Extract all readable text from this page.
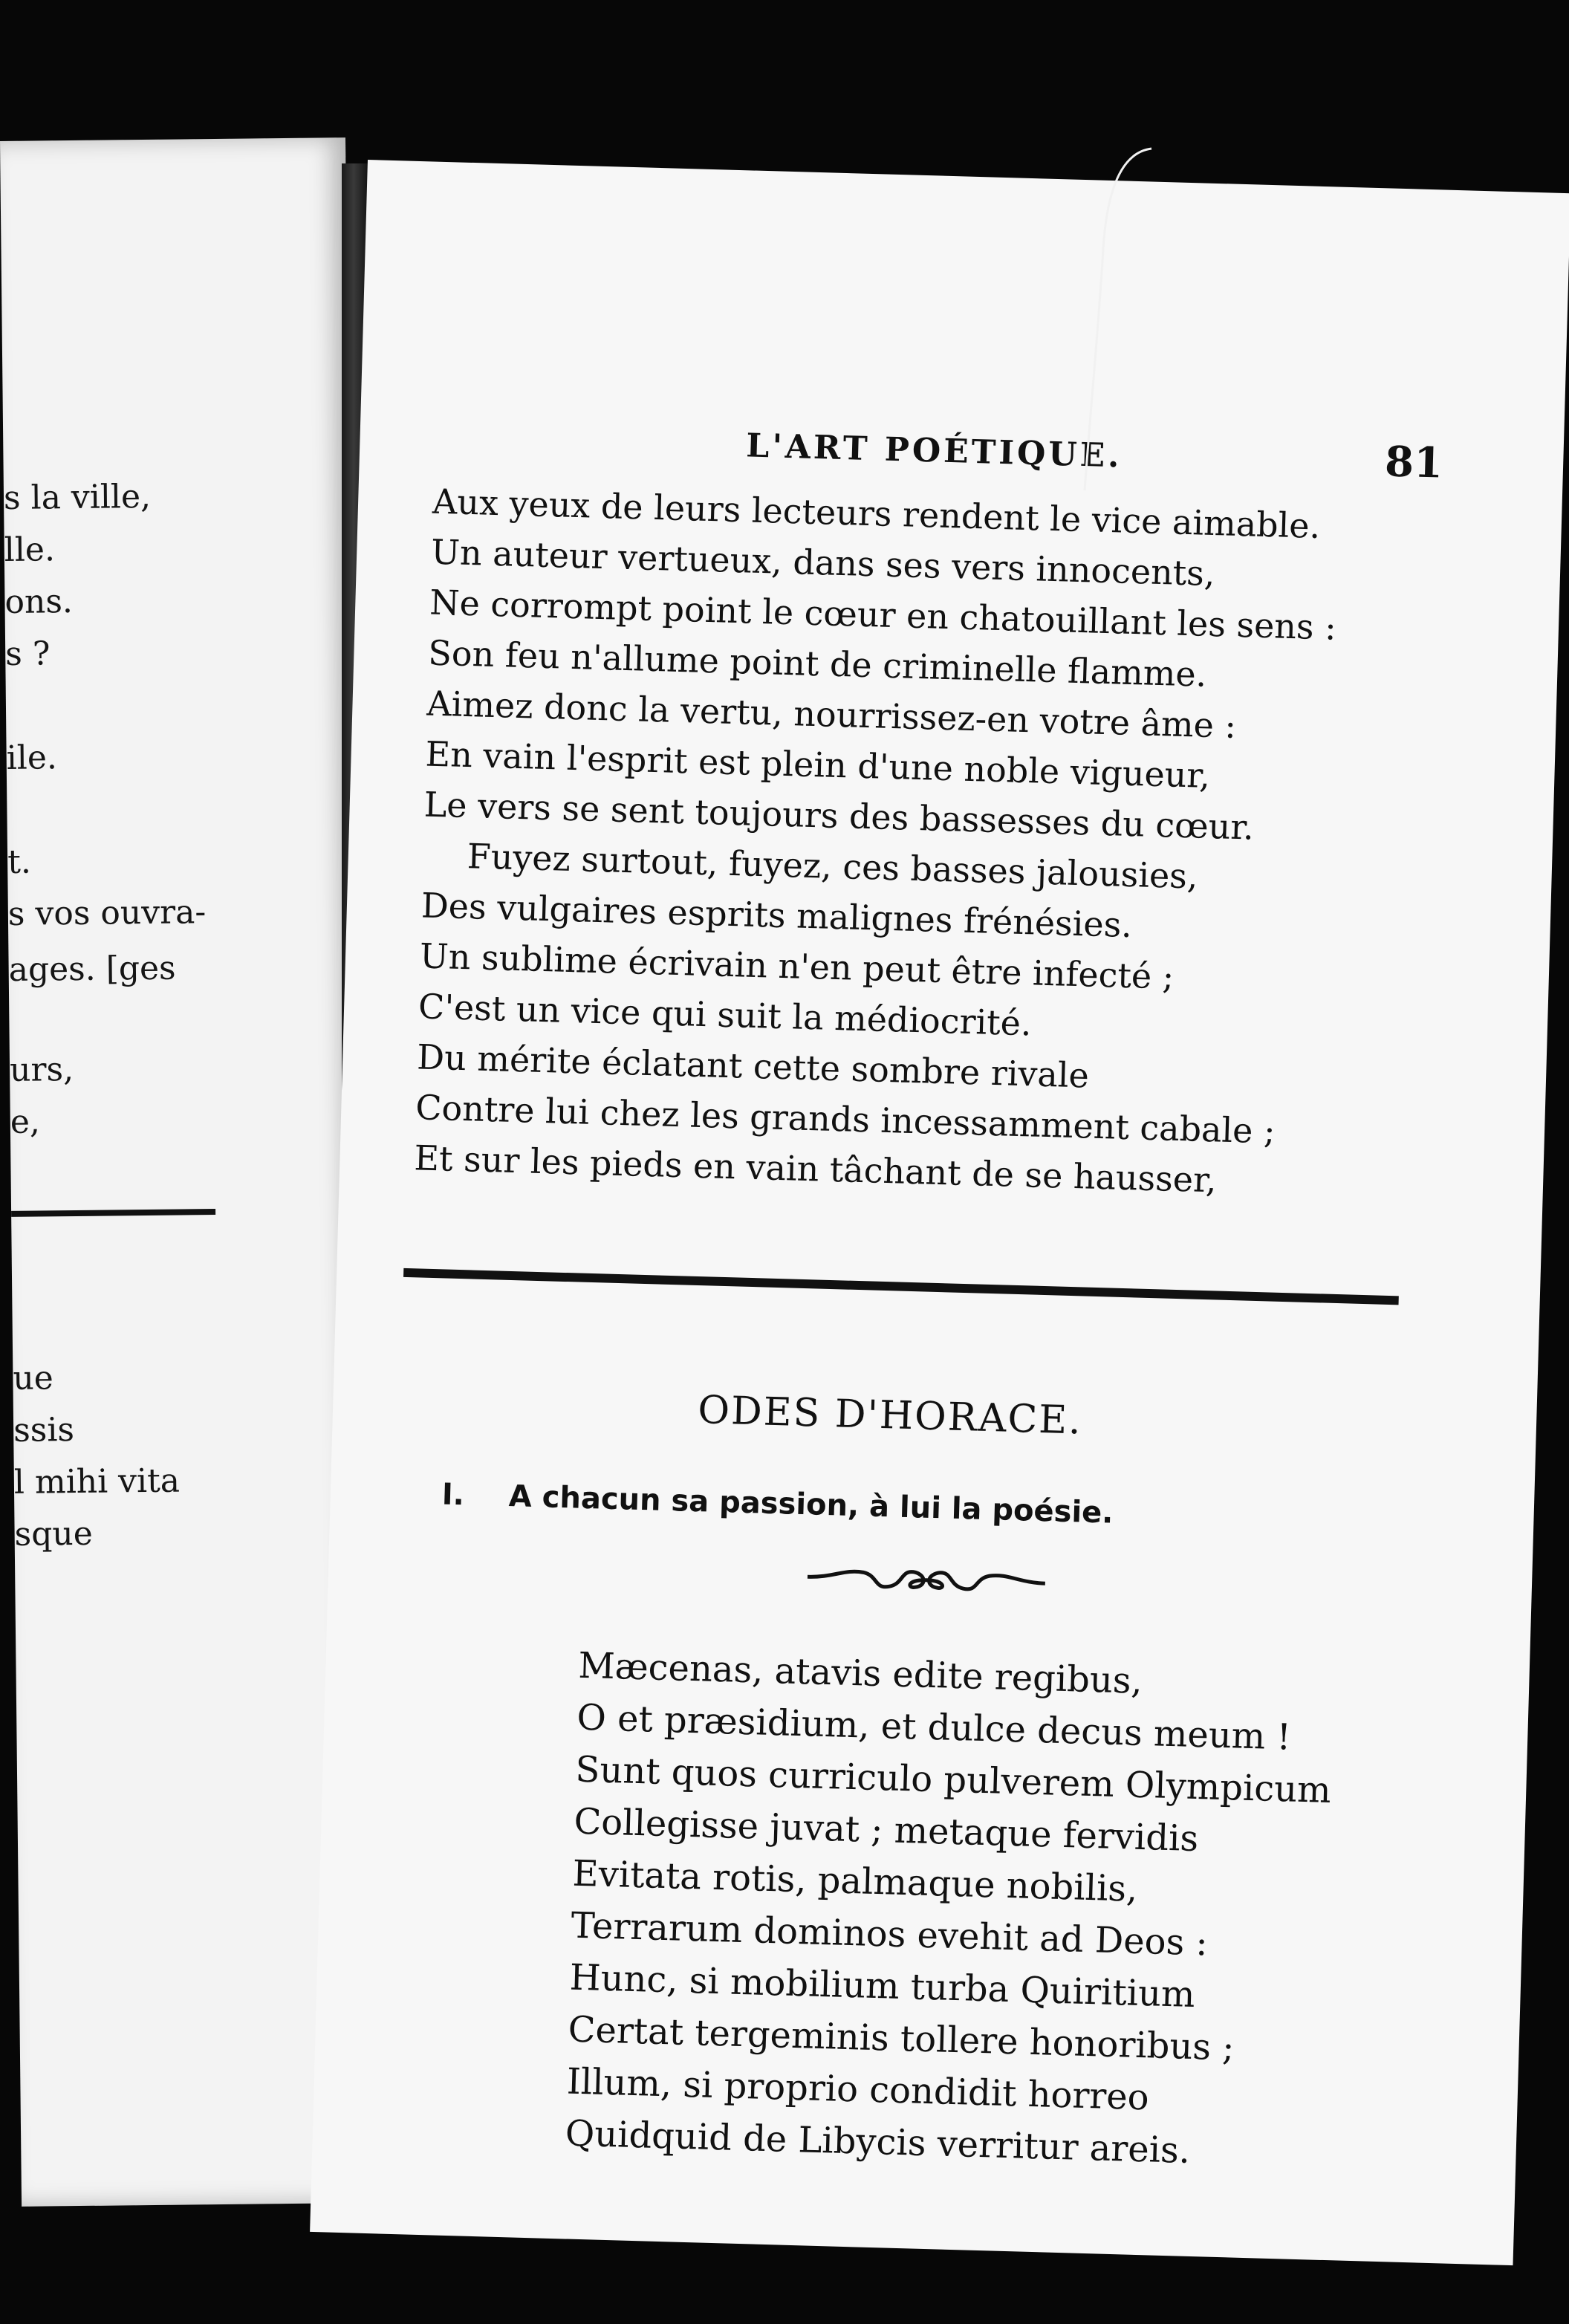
s la ville,
lle.
ons.
s ?
ile.
t.
s vos ouvra-
ages. [ges
urs,
e,
ue
ssis
l mihi vita
sque
L'ART POÉTIQUE.	81
Aux yeux de leurs lecteurs rendent le vice aimable.
Un auteur vertueux, dans ses vers innocents,
Ne corrompt point le cœur en chatouillant les sens :
Son feu n'allume point de criminelle flamme.
Aimez donc la vertu, nourrissez-en votre âme :
En vain l'esprit est plein d'une noble vigueur,
Le vers se sent toujours des bassesses du cœur.
Fuyez surtout, fuyez, ces basses jalousies,
Des vulgaires esprits malignes frénésies.
Un sublime écrivain n'en peut être infecté ;
C'est un vice qui suit la médiocrité.
Du mérite éclatant cette sombre rivale
Contre lui chez les grands incessamment cabale ;
Et sur les pieds en vain tâchant de se hausser,
ODES D'HORACE.
I. A chacun sa passion, à lui la poésie.
Mæcenas, atavis edite regibus,
O et præsidium, et dulce decus meum !
Sunt quos curriculo pulverem Olympicum
Collegisse juvat ; metaque fervidis
Evitata rotis, palmaque nobilis,
Terrarum dominos evehit ad Deos :
Hunc, si mobilium turba Quiritium
Certat tergeminis tollere honoribus ;
Illum, si proprio condidit horreo
Quidquid de Libycis verritur areis.
